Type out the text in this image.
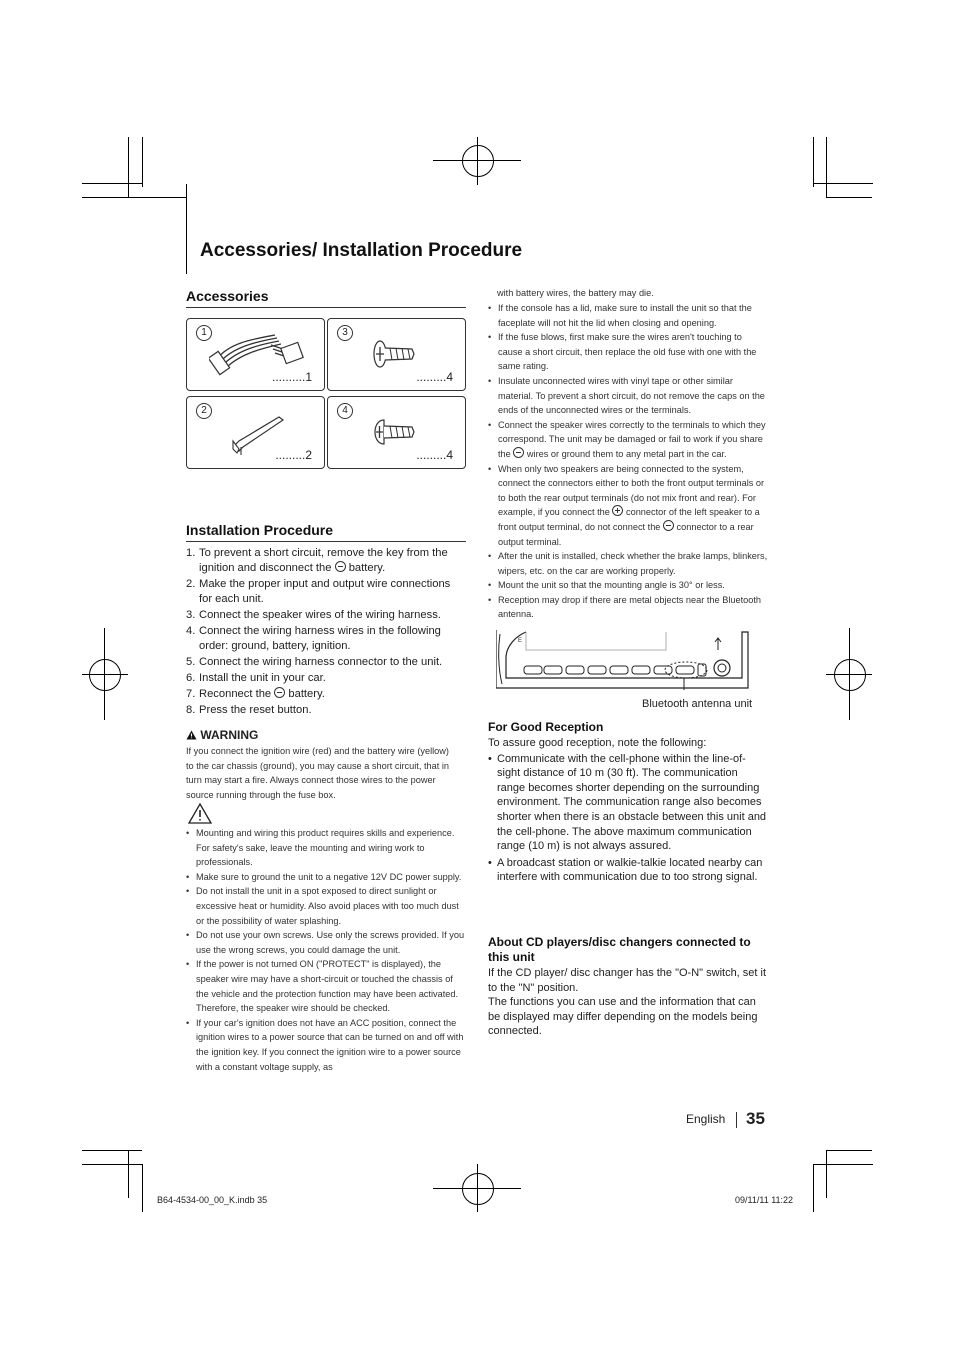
Accessories/ Installation Procedure
Accessories
1
..........1
3
.........4
2
.........2
4
.........4
Installation Procedure
1. To prevent a short circuit, remove the key from the ignition and disconnect the battery.
2. Make the proper input and output wire connections for each unit.
3. Connect the speaker wires of the wiring harness.
4. Connect the wiring harness wires in the following order: ground, battery, ignition.
5. Connect the wiring harness connector to the unit.
6. Install the unit in your car.
7. Reconnect the battery.
8. Press the reset button.
WARNING
If you connect the ignition wire (red) and the battery wire (yellow) to the car chassis (ground), you may cause a short circuit, that in turn may start a fire. Always connect those wires to the power source running through the fuse box.
• Mounting and wiring this product requires skills and experience. For safety's sake, leave the mounting and wiring work to professionals.
• Make sure to ground the unit to a negative 12V DC power supply.
• Do not install the unit in a spot exposed to direct sunlight or excessive heat or humidity. Also avoid places with too much dust or the possibility of water splashing.
• Do not use your own screws. Use only the screws provided. If you use the wrong screws, you could damage the unit.
• If the power is not turned ON ("PROTECT" is displayed), the speaker wire may have a short-circuit or touched the chassis of the vehicle and the protection function may have been activated. Therefore, the speaker wire should be checked.
• If your car's ignition does not have an ACC position, connect the ignition wires to a power source that can be turned on and off with the ignition key. If you connect the ignition wire to a power source with a constant voltage supply, as
with battery wires, the battery may die.
• If the console has a lid, make sure to install the unit so that the faceplate will not hit the lid when closing and opening.
• If the fuse blows, first make sure the wires aren't touching to cause a short circuit, then replace the old fuse with one with the same rating.
• Insulate unconnected wires with vinyl tape or other similar material. To prevent a short circuit, do not remove the caps on the ends of the unconnected wires or the terminals.
• Connect the speaker wires correctly to the terminals to which they correspond. The unit may be damaged or fail to work if you share the wires or ground them to any metal part in the car.
• When only two speakers are being connected to the system, connect the connectors either to both the front output terminals or to both the rear output terminals (do not mix front and rear). For example, if you connect the connector of the left speaker to a front output terminal, do not connect the connector to a rear output terminal.
• After the unit is installed, check whether the brake lamps, blinkers, wipers, etc. on the car are working properly.
• Mount the unit so that the mounting angle is 30° or less.
• Reception may drop if there are metal objects near the Bluetooth antenna.
E
Bluetooth antenna unit
For Good Reception
To assure good reception, note the following:
• Communicate with the cell-phone within the line-of-sight distance of 10 m (30 ft). The communication range becomes shorter depending on the surrounding environment. The communication range also becomes shorter when there is an obstacle between this unit and the cell-phone. The above maximum communication range (10 m) is not always assured.
• A broadcast station or walkie-talkie located nearby can interfere with communication due to too strong signal.
About CD players/disc changers connected to this unit
If the CD player/ disc changer has the "O-N" switch, set it to the "N" position.
The functions you can use and the information that can be displayed may differ depending on the models being connected.
English 35
B64-4534-00_00_K.indb 35	09/11/11 11:22
